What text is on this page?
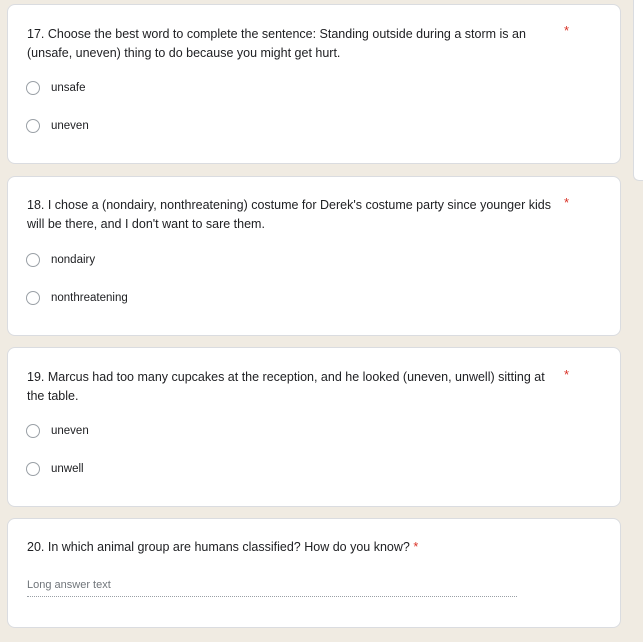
17. Choose the best word to complete the sentence: Standing outside during a storm is an (unsafe, uneven) thing to do because you might get hurt.
*
unsafe
uneven
18. I chose a (nondairy, nonthreatening) costume for Derek's costume party since younger kids will be there, and I don't want to sare them.
*
nondairy
nonthreatening
19. Marcus had too many cupcakes at the reception, and he looked (uneven, unwell) sitting at the table.
*
uneven
unwell
20. In which animal group are humans classified? How do you know? *
Long answer text
